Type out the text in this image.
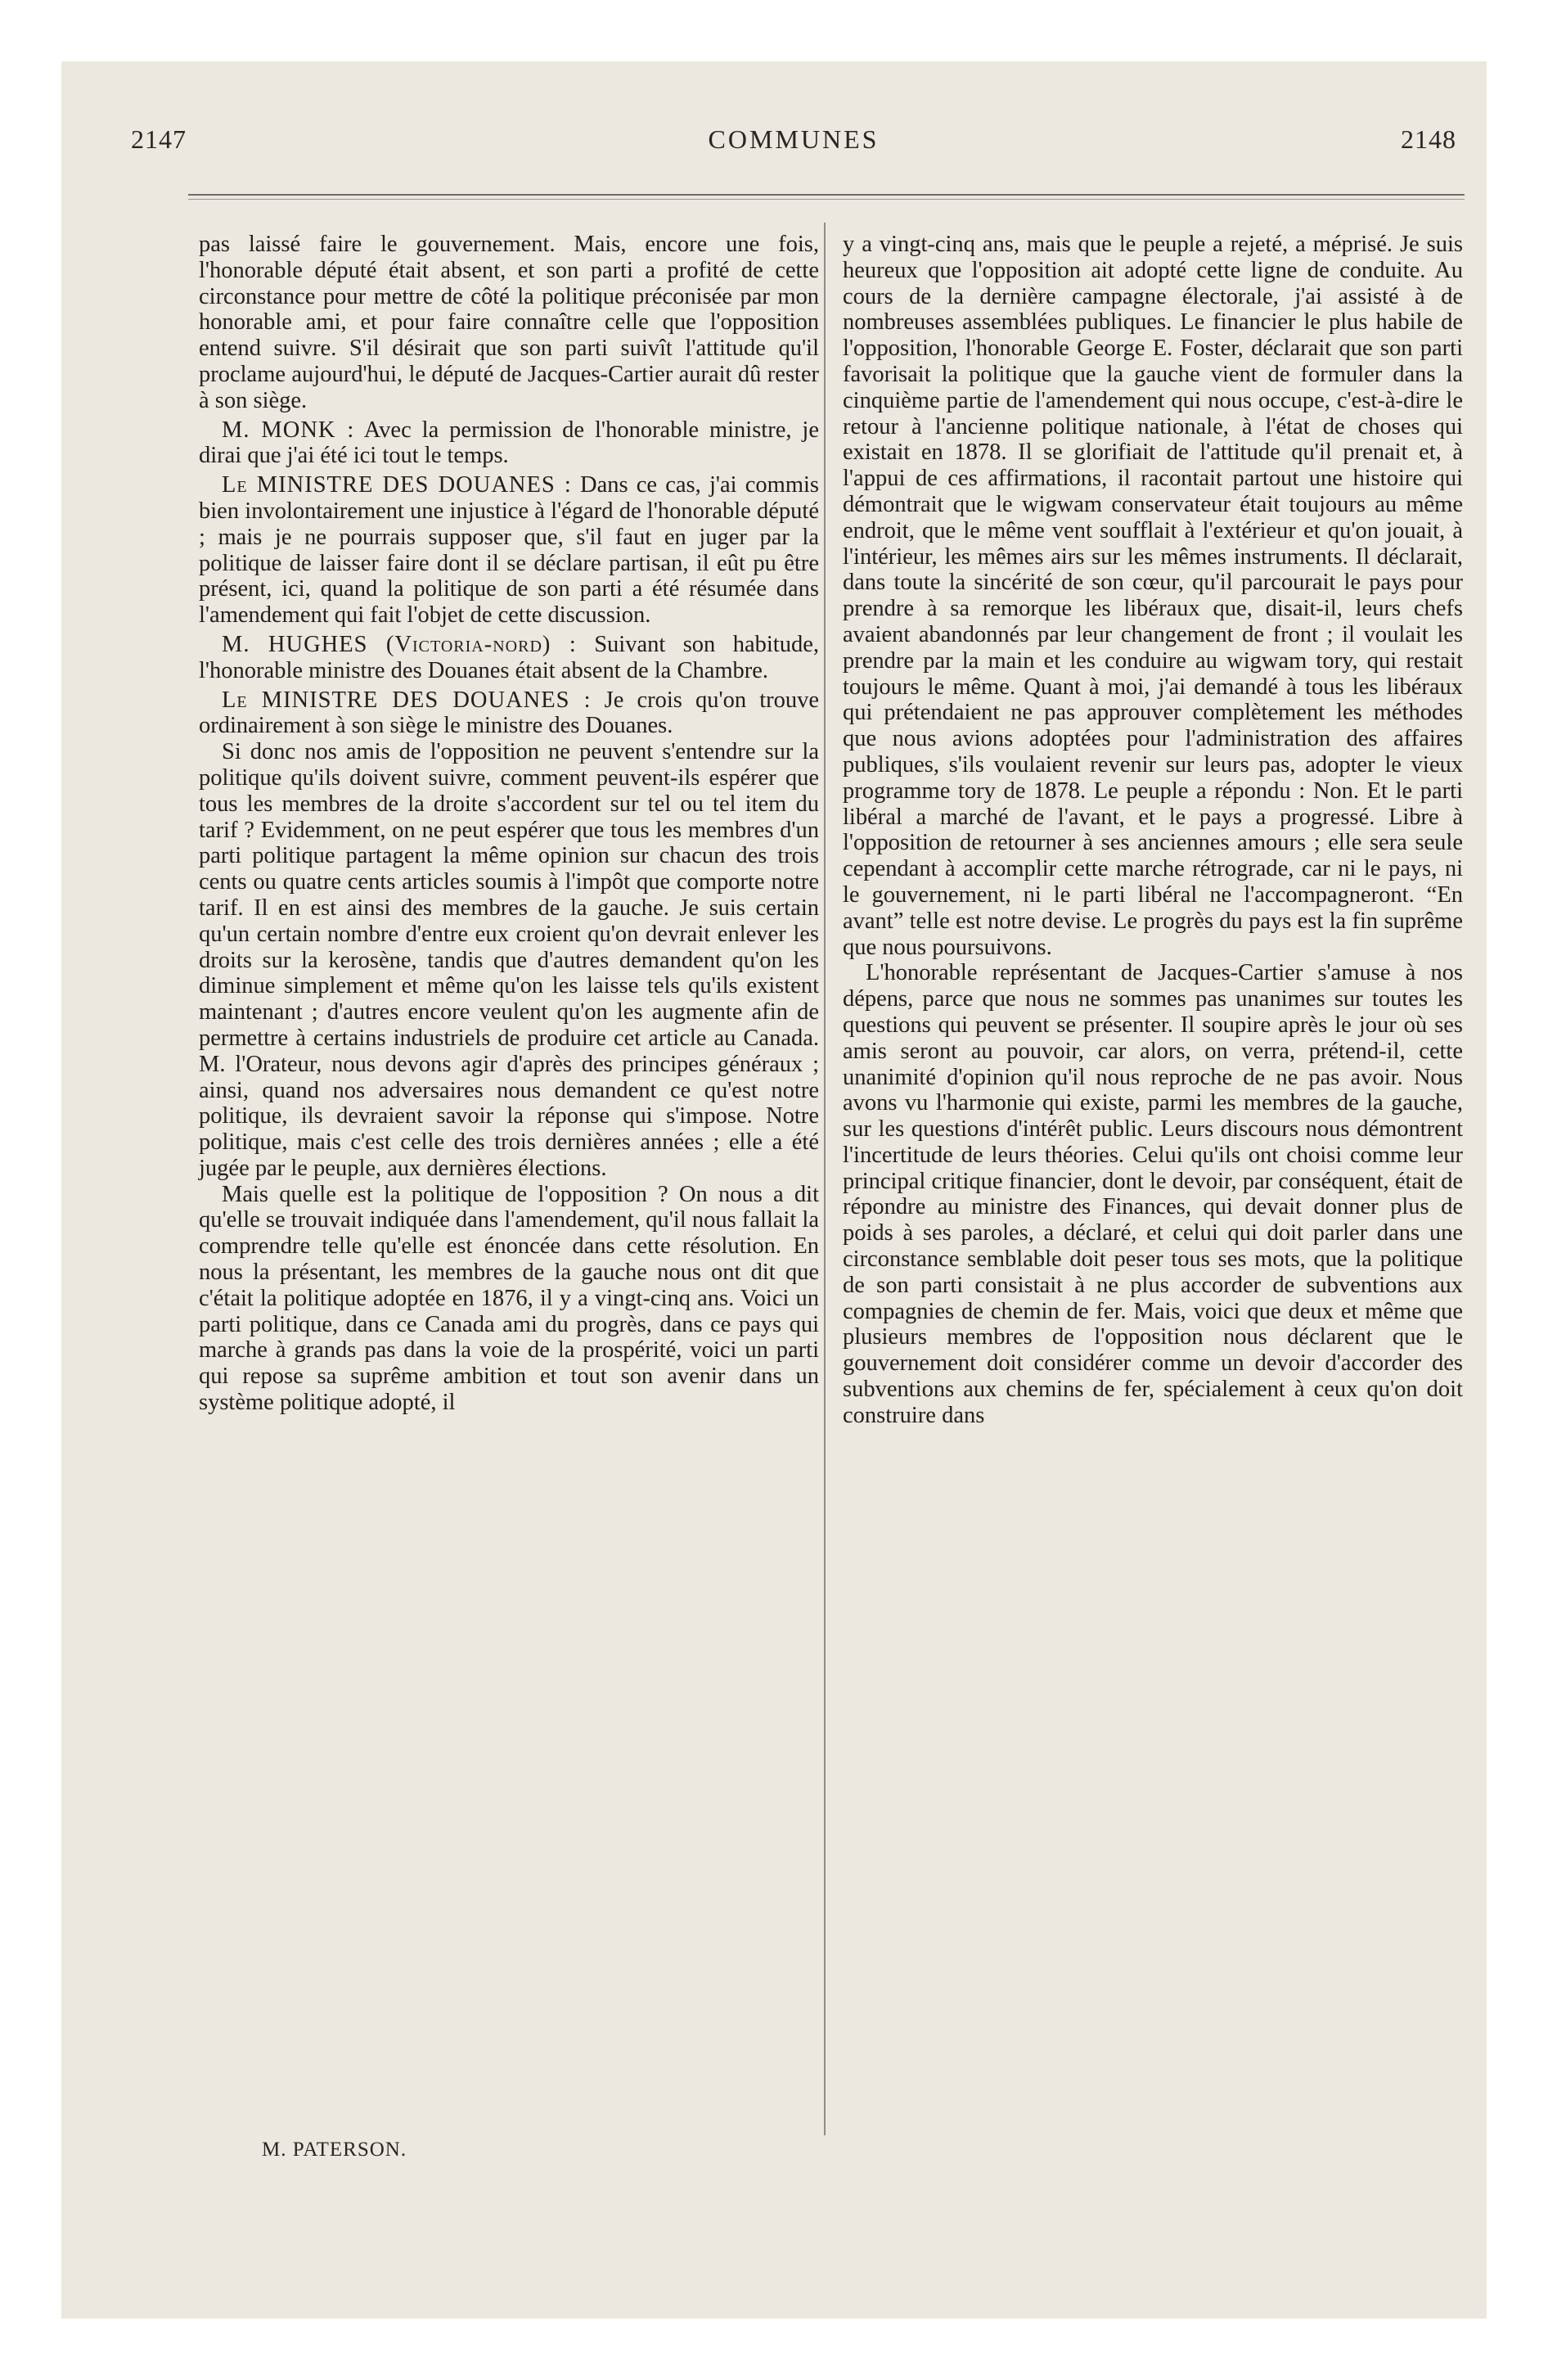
2147	COMMUNES	2148

pas laissé faire le gouvernement. Mais, encore une fois, l'honorable député était absent, et son parti a profité de cette circonstance pour mettre de côté la politique préconisée par mon honorable ami, et pour faire connaître celle que l'opposition entend suivre. S'il désirait que son parti suivît l'attitude qu'il proclame aujourd'hui, le député de Jacques-Cartier aurait dû rester à son siège.

M. MONK : Avec la permission de l'honorable ministre, je dirai que j'ai été ici tout le temps.

Le MINISTRE DES DOUANES : Dans ce cas, j'ai commis bien involontairement une injustice à l'égard de l'honorable député ; mais je ne pourrais supposer que, s'il faut en juger par la politique de laisser faire dont il se déclare partisan, il eût pu être présent, ici, quand la politique de son parti a été résumée dans l'amendement qui fait l'objet de cette discussion.

M. HUGHES (Victoria-nord) : Suivant son habitude, l'honorable ministre des Douanes était absent de la Chambre.

Le MINISTRE DES DOUANES : Je crois qu'on trouve ordinairement à son siège le ministre des Douanes.

Si donc nos amis de l'opposition ne peuvent s'entendre sur la politique qu'ils doivent suivre, comment peuvent-ils espérer que tous les membres de la droite s'accordent sur tel ou tel item du tarif ? Evidemment, on ne peut espérer que tous les membres d'un parti politique partagent la même opinion sur chacun des trois cents ou quatre cents articles soumis à l'impôt que comporte notre tarif. Il en est ainsi des membres de la gauche. Je suis certain qu'un certain nombre d'entre eux croient qu'on devrait enlever les droits sur la kerosène, tandis que d'autres demandent qu'on les diminue simplement et même qu'on les laisse tels qu'ils existent maintenant ; d'autres encore veulent qu'on les augmente afin de permettre à certains industriels de produire cet article au Canada. M. l'Orateur, nous devons agir d'après des principes généraux ; ainsi, quand nos adversaires nous demandent ce qu'est notre politique, ils devraient savoir la réponse qui s'impose. Notre politique, mais c'est celle des trois dernières années ; elle a été jugée par le peuple, aux dernières élections.

Mais quelle est la politique de l'opposition ? On nous a dit qu'elle se trouvait indiquée dans l'amendement, qu'il nous fallait la comprendre telle qu'elle est énoncée dans cette résolution. En nous la présentant, les membres de la gauche nous ont dit que c'était la politique adoptée en 1876, il y a vingt-cinq ans. Voici un parti politique, dans ce Canada ami du progrès, dans ce pays qui marche à grands pas dans la voie de la prospérité, voici un parti qui repose sa suprême ambition et tout son avenir dans un système politique adopté, il

y a vingt-cinq ans, mais que le peuple a rejeté, a méprisé. Je suis heureux que l'opposition ait adopté cette ligne de conduite. Au cours de la dernière campagne électorale, j'ai assisté à de nombreuses assemblées publiques. Le financier le plus habile de l'opposition, l'honorable George E. Foster, déclarait que son parti favorisait la politique que la gauche vient de formuler dans la cinquième partie de l'amendement qui nous occupe, c'est-à-dire le retour à l'ancienne politique nationale, à l'état de choses qui existait en 1878. Il se glorifiait de l'attitude qu'il prenait et, à l'appui de ces affirmations, il racontait partout une histoire qui démontrait que le wigwam conservateur était toujours au même endroit, que le même vent soufflait à l'extérieur et qu'on jouait, à l'intérieur, les mêmes airs sur les mêmes instruments. Il déclarait, dans toute la sincérité de son cœur, qu'il parcourait le pays pour prendre à sa remorque les libéraux que, disait-il, leurs chefs avaient abandonnés par leur changement de front ; il voulait les prendre par la main et les conduire au wigwam tory, qui restait toujours le même. Quant à moi, j'ai demandé à tous les libéraux qui prétendaient ne pas approuver complètement les méthodes que nous avions adoptées pour l'administration des affaires publiques, s'ils voulaient revenir sur leurs pas, adopter le vieux programme tory de 1878. Le peuple a répondu : Non. Et le parti libéral a marché de l'avant, et le pays a progressé. Libre à l'opposition de retourner à ses anciennes amours ; elle sera seule cependant à accomplir cette marche rétrograde, car ni le pays, ni le gouvernement, ni le parti libéral ne l'accompagneront. “En avant” telle est notre devise. Le progrès du pays est la fin suprême que nous poursuivons.

L'honorable représentant de Jacques-Cartier s'amuse à nos dépens, parce que nous ne sommes pas unanimes sur toutes les questions qui peuvent se présenter. Il soupire après le jour où ses amis seront au pouvoir, car alors, on verra, prétend-il, cette unanimité d'opinion qu'il nous reproche de ne pas avoir. Nous avons vu l'harmonie qui existe, parmi les membres de la gauche, sur les questions d'intérêt public. Leurs discours nous démontrent l'incertitude de leurs théories. Celui qu'ils ont choisi comme leur principal critique financier, dont le devoir, par conséquent, était de répondre au ministre des Finances, qui devait donner plus de poids à ses paroles, a déclaré, et celui qui doit parler dans une circonstance semblable doit peser tous ses mots, que la politique de son parti consistait à ne plus accorder de subventions aux compagnies de chemin de fer. Mais, voici que deux et même que plusieurs membres de l'opposition nous déclarent que le gouvernement doit considérer comme un devoir d'accorder des subventions aux chemins de fer, spécialement à ceux qu'on doit construire dans

M. PATERSON.
